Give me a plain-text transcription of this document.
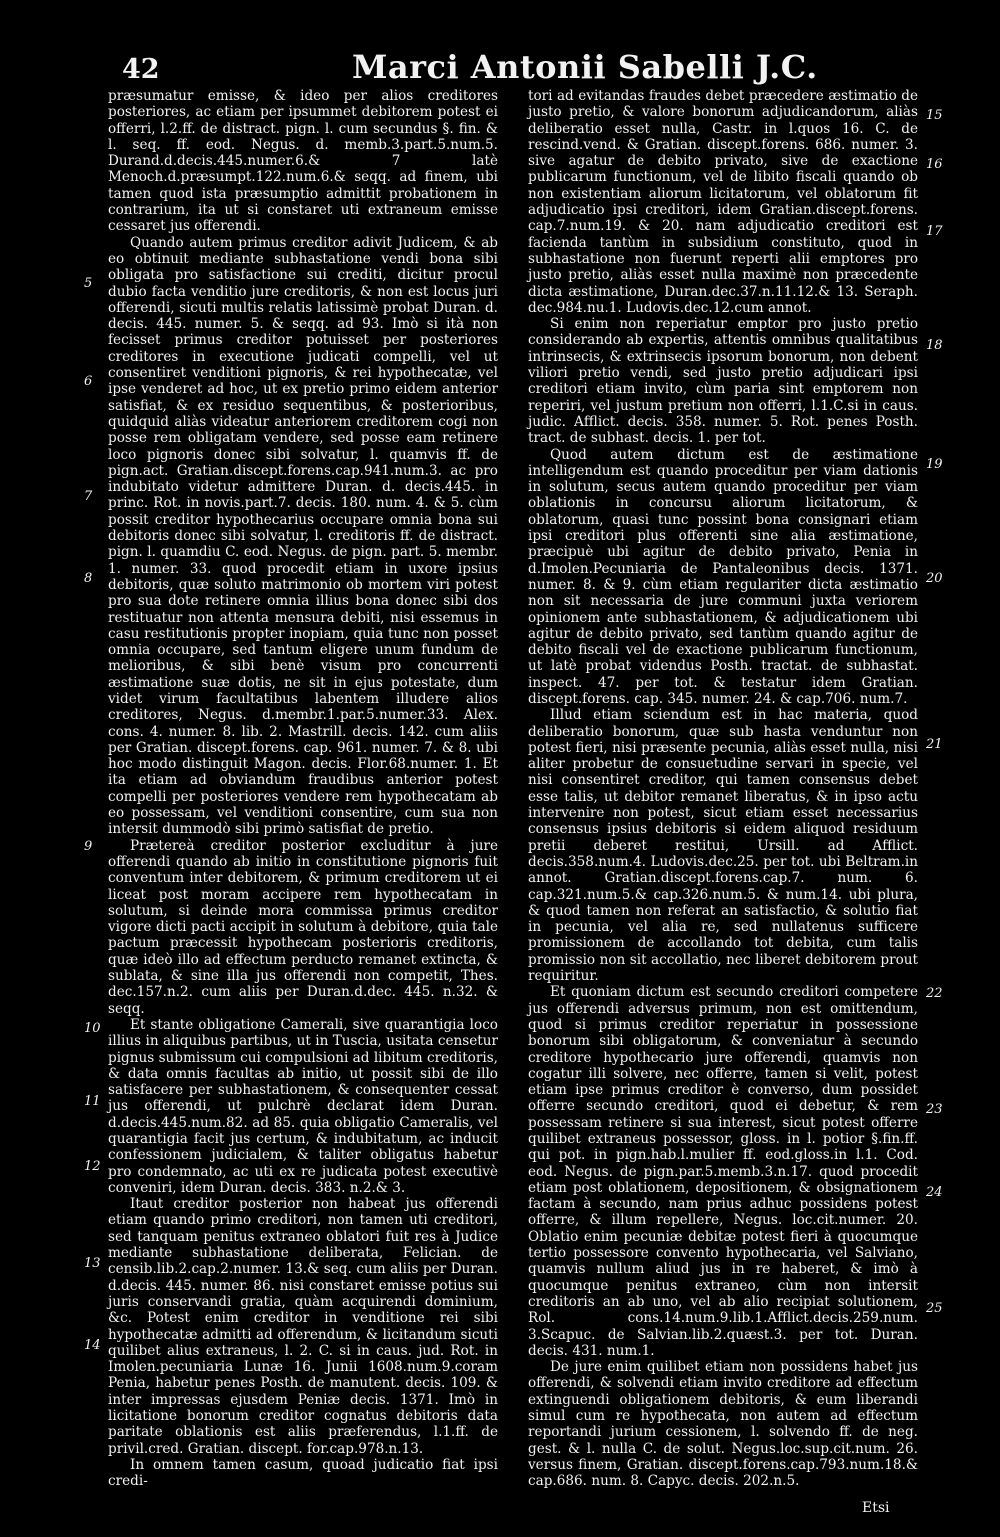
42	Marci Antonii Sabelli J.C.

præsumatur emisse, & ideo per alios creditores posteriores, ac etiam per ipsummet debitorem potest ei offerri, l.2.ff. de distract. pign. l. cum secundus §. fin. & l. seq. ff. eod. Negus. d. memb.3.part.5.num.5. Durand.d.decis.445.numer.6.& 7 latè Menoch.d.præsumpt.122.num.6.& seqq. ad finem, ubi tamen quod ista præsumptio admittit probationem in contrarium, ita ut si constaret uti extraneum emisse cessaret jus offerendi.

Quando autem primus creditor adivit Judicem, & ab eo obtinuit mediante subhastatione vendi bona sibi obligata pro satisfactione sui crediti, dicitur procul dubio facta venditio jure creditoris, & non est locus juri offerendi, sicuti multis relatis latissimè probat Duran. d. decis. 445. numer. 5. & seqq. ad 93. Imò si ità non fecisset primus creditor potuisset per posteriores creditores in executione judicati compelli, vel ut consentiret venditioni pignoris, & rei hypothecatæ, vel ipse venderet ad hoc, ut ex pretio primo eidem anterior satisfiat, & ex residuo sequentibus, & posterioribus, quidquid aliàs videatur anteriorem creditorem cogi non posse rem obligatam vendere, sed posse eam retinere loco pignoris donec sibi solvatur, l. quamvis ff. de pign.act. Gratian.discept.forens.cap.941.num.3. ac pro indubitato videtur admittere Duran. d. decis.445. in princ. Rot. in novis.part.7. decis. 180. num. 4. & 5. cùm possit creditor hypothecarius occupare omnia bona sui debitoris donec sibi solvatur, l. creditoris ff. de distract. pign. l. quamdiu C. eod. Negus. de pign. part. 5. membr. 1. numer. 33. quod procedit etiam in uxore ipsius debitoris, quæ soluto matrimonio ob mortem viri potest pro sua dote retinere omnia illius bona donec sibi dos restituatur non attenta mensura debiti, nisi essemus in casu restitutionis propter inopiam, quia tunc non posset omnia occupare, sed tantum eligere unum fundum de melioribus, & sibi benè visum pro concurrenti æstimatione suæ dotis, ne sit in ejus potestate, dum videt virum facultatibus labentem illudere alios creditores, Negus. d.membr.1.par.5.numer.33. Alex. cons. 4. numer. 8. lib. 2. Mastrill. decis. 142. cum aliis per Gratian. discept.forens. cap. 961. numer. 7. & 8. ubi hoc modo distinguit Magon. decis. Flor.68.numer. 1. Et ita etiam ad obviandum fraudibus anterior potest compelli per posteriores vendere rem hypothecatam ab eo possessam, vel venditioni consentire, cum sua non intersit dummodò sibi primò satisfiat de pretio.

Prætereà creditor posterior excluditur à jure offerendi quando ab initio in constitutione pignoris fuit conventum inter debitorem, & primum creditorem ut ei liceat post moram accipere rem hypothecatam in solutum, si deinde mora commissa primus creditor vigore dicti pacti accipit in solutum à debitore, quia tale pactum præcessit hypothecam posterioris creditoris, quæ ideò illo ad effectum perducto remanet extincta, & sublata, & sine illa jus offerendi non competit, Thes. dec.157.n.2. cum aliis per Duran.d.dec. 445. n.32. & seqq.

Et stante obligatione Camerali, sive quarantigia loco illius in aliquibus partibus, ut in Tuscia, usitata censetur pignus submissum cui compulsioni ad libitum creditoris, & data omnis facultas ab initio, ut possit sibi de illo satisfacere per subhastationem, & consequenter cessat jus offerendi, ut pulchrè declarat idem Duran. d.decis.445.num.82. ad 85. quia obligatio Cameralis, vel quarantigia facit jus certum, & indubitatum, ac inducit confessionem judicialem, & taliter obligatus habetur pro condemnato, ac uti ex re judicata potest executivè conveniri, idem Duran. decis. 383. n.2.& 3.

Itaut creditor posterior non habeat jus offerendi etiam quando primo creditori, non tamen uti creditori, sed tanquam penitus extraneo oblatori fuit res à Judice mediante subhastatione deliberata, Felician. de censib.lib.2.cap.2.numer. 13.& seq. cum aliis per Duran. d.decis. 445. numer. 86. nisi constaret emisse potius sui juris conservandi gratia, quàm acquirendi dominium, &c. Potest enim creditor in venditione rei sibi hypothecatæ admitti ad offerendum, & licitandum sicuti quilibet alius extraneus, l. 2. C. si in caus. jud. Rot. in Imolen.pecuniaria Lunæ 16. Junii 1608.num.9.coram Penia, habetur penes Posth. de manutent. decis. 109. & inter impressas ejusdem Peniæ decis. 1371. Imò in licitatione bonorum creditor cognatus debitoris data paritate oblationis est aliis præferendus, l.1.ff. de privil.cred. Gratian. discept. for.cap.978.n.13.

In omnem tamen casum, quoad judicatio fiat ipsi credi-

tori ad evitandas fraudes debet præcedere æstimatio de justo pretio, & valore bonorum adjudicandorum, aliàs deliberatio esset nulla, Castr. in l.quos 16. C. de rescind.vend. & Gratian. discept.forens. 686. numer. 3. sive agatur de debito privato, sive de exactione publicarum functionum, vel de libito fiscali quando ob non existentiam aliorum licitatorum, vel oblatorum fit adjudicatio ipsi creditori, idem Gratian.discept.forens. cap.7.num.19. & 20. nam adjudicatio creditori est facienda tantùm in subsidium constituto, quod in subhastatione non fuerunt reperti alii emptores pro justo pretio, aliàs esset nulla maximè non præcedente dicta æstimatione, Duran.dec.37.n.11.12.& 13. Seraph. dec.984.nu.1. Ludovis.dec.12.cum annot.

Si enim non reperiatur emptor pro justo pretio considerando ab expertis, attentis omnibus qualitatibus intrinsecis, & extrinsecis ipsorum bonorum, non debent viliori pretio vendi, sed justo pretio adjudicari ipsi creditori etiam invito, cùm paria sint emptorem non reperiri, vel justum pretium non offerri, l.1.C.si in caus. judic. Afflict. decis. 358. numer. 5. Rot. penes Posth. tract. de subhast. decis. 1. per tot.

Quod autem dictum est de æstimatione intelligendum est quando proceditur per viam dationis in solutum, secus autem quando proceditur per viam oblationis in concursu aliorum licitatorum, & oblatorum, quasi tunc possint bona consignari etiam ipsi creditori plus offerenti sine alia æstimatione, præcipuè ubi agitur de debito privato, Penia in d.Imolen.Pecuniaria de Pantaleonibus decis. 1371. numer. 8. & 9. cùm etiam regulariter dicta æstimatio non sit necessaria de jure communi juxta veriorem opinionem ante subhastationem, & adjudicationem ubi agitur de debito privato, sed tantùm quando agitur de debito fiscali vel de exactione publicarum functionum, ut latè probat videndus Posth. tractat. de subhastat. inspect. 47. per tot. & testatur idem Gratian. discept.forens. cap. 345. numer. 24. & cap.706. num.7.

Illud etiam sciendum est in hac materia, quod deliberatio bonorum, quæ sub hasta venduntur non potest fieri, nisi præsente pecunia, aliàs esset nulla, nisi aliter probetur de consuetudine servari in specie, vel nisi consentiret creditor, qui tamen consensus debet esse talis, ut debitor remanet liberatus, & in ipso actu intervenire non potest, sicut etiam esset necessarius consensus ipsius debitoris si eidem aliquod residuum pretii deberet restitui, Ursill. ad Afflict. decis.358.num.4. Ludovis.dec.25. per tot. ubi Beltram.in annot. Gratian.discept.forens.cap.7. num. 6. cap.321.num.5.& cap.326.num.5. & num.14. ubi plura, & quod tamen non referat an satisfactio, & solutio fiat in pecunia, vel alia re, sed nullatenus sufficere promissionem de accollando tot debita, cum talis promissio non sit accollatio, nec liberet debitorem prout requiritur.

Et quoniam dictum est secundo creditori competere jus offerendi adversus primum, non est omittendum, quod si primus creditor reperiatur in possessione bonorum sibi obligatorum, & conveniatur à secundo creditore hypothecario jure offerendi, quamvis non cogatur illi solvere, nec offerre, tamen si velit, potest etiam ipse primus creditor è converso, dum possidet offerre secundo creditori, quod ei debetur, & rem possessam retinere si sua interest, sicut potest offerre quilibet extraneus possessor, gloss. in l. potior §.fin.ff. qui pot. in pign.hab.l.mulier ff. eod.gloss.in l.1. Cod. eod. Negus. de pign.par.5.memb.3.n.17. quod procedit etiam post oblationem, depositionem, & obsignationem factam à secundo, nam prius adhuc possidens potest offerre, & illum repellere, Negus. loc.cit.numer. 20. Oblatio enim pecuniæ debitæ potest fieri à quocumque tertio possessore convento hypothecaria, vel Salviano, quamvis nullum aliud jus in re haberet, & imò à quocumque penitus extraneo, cùm non intersit creditoris an ab uno, vel ab alio recipiat solutionem, Rol. cons.14.num.9.lib.1.Afflict.decis.259.num. 3.Scapuc. de Salvian.lib.2.quæst.3. per tot. Duran. decis. 431. num.1.

De jure enim quilibet etiam non possidens habet jus offerendi, & solvendi etiam invito creditore ad effectum extinguendi obligationem debitoris, & eum liberandi simul cum re hypothecata, non autem ad effectum reportandi jurium cessionem, l. solvendo ff. de neg. gest. & l. nulla C. de solut. Negus.loc.sup.cit.num. 26. versus finem, Gratian. discept.forens.cap.793.num.18.& cap.686. num. 8. Capyc. decis. 202.n.5.

5
6
7
8
9
10
11
12
13
14
15
16
17
18
19
20
21
22
23
24
25
Etsi
